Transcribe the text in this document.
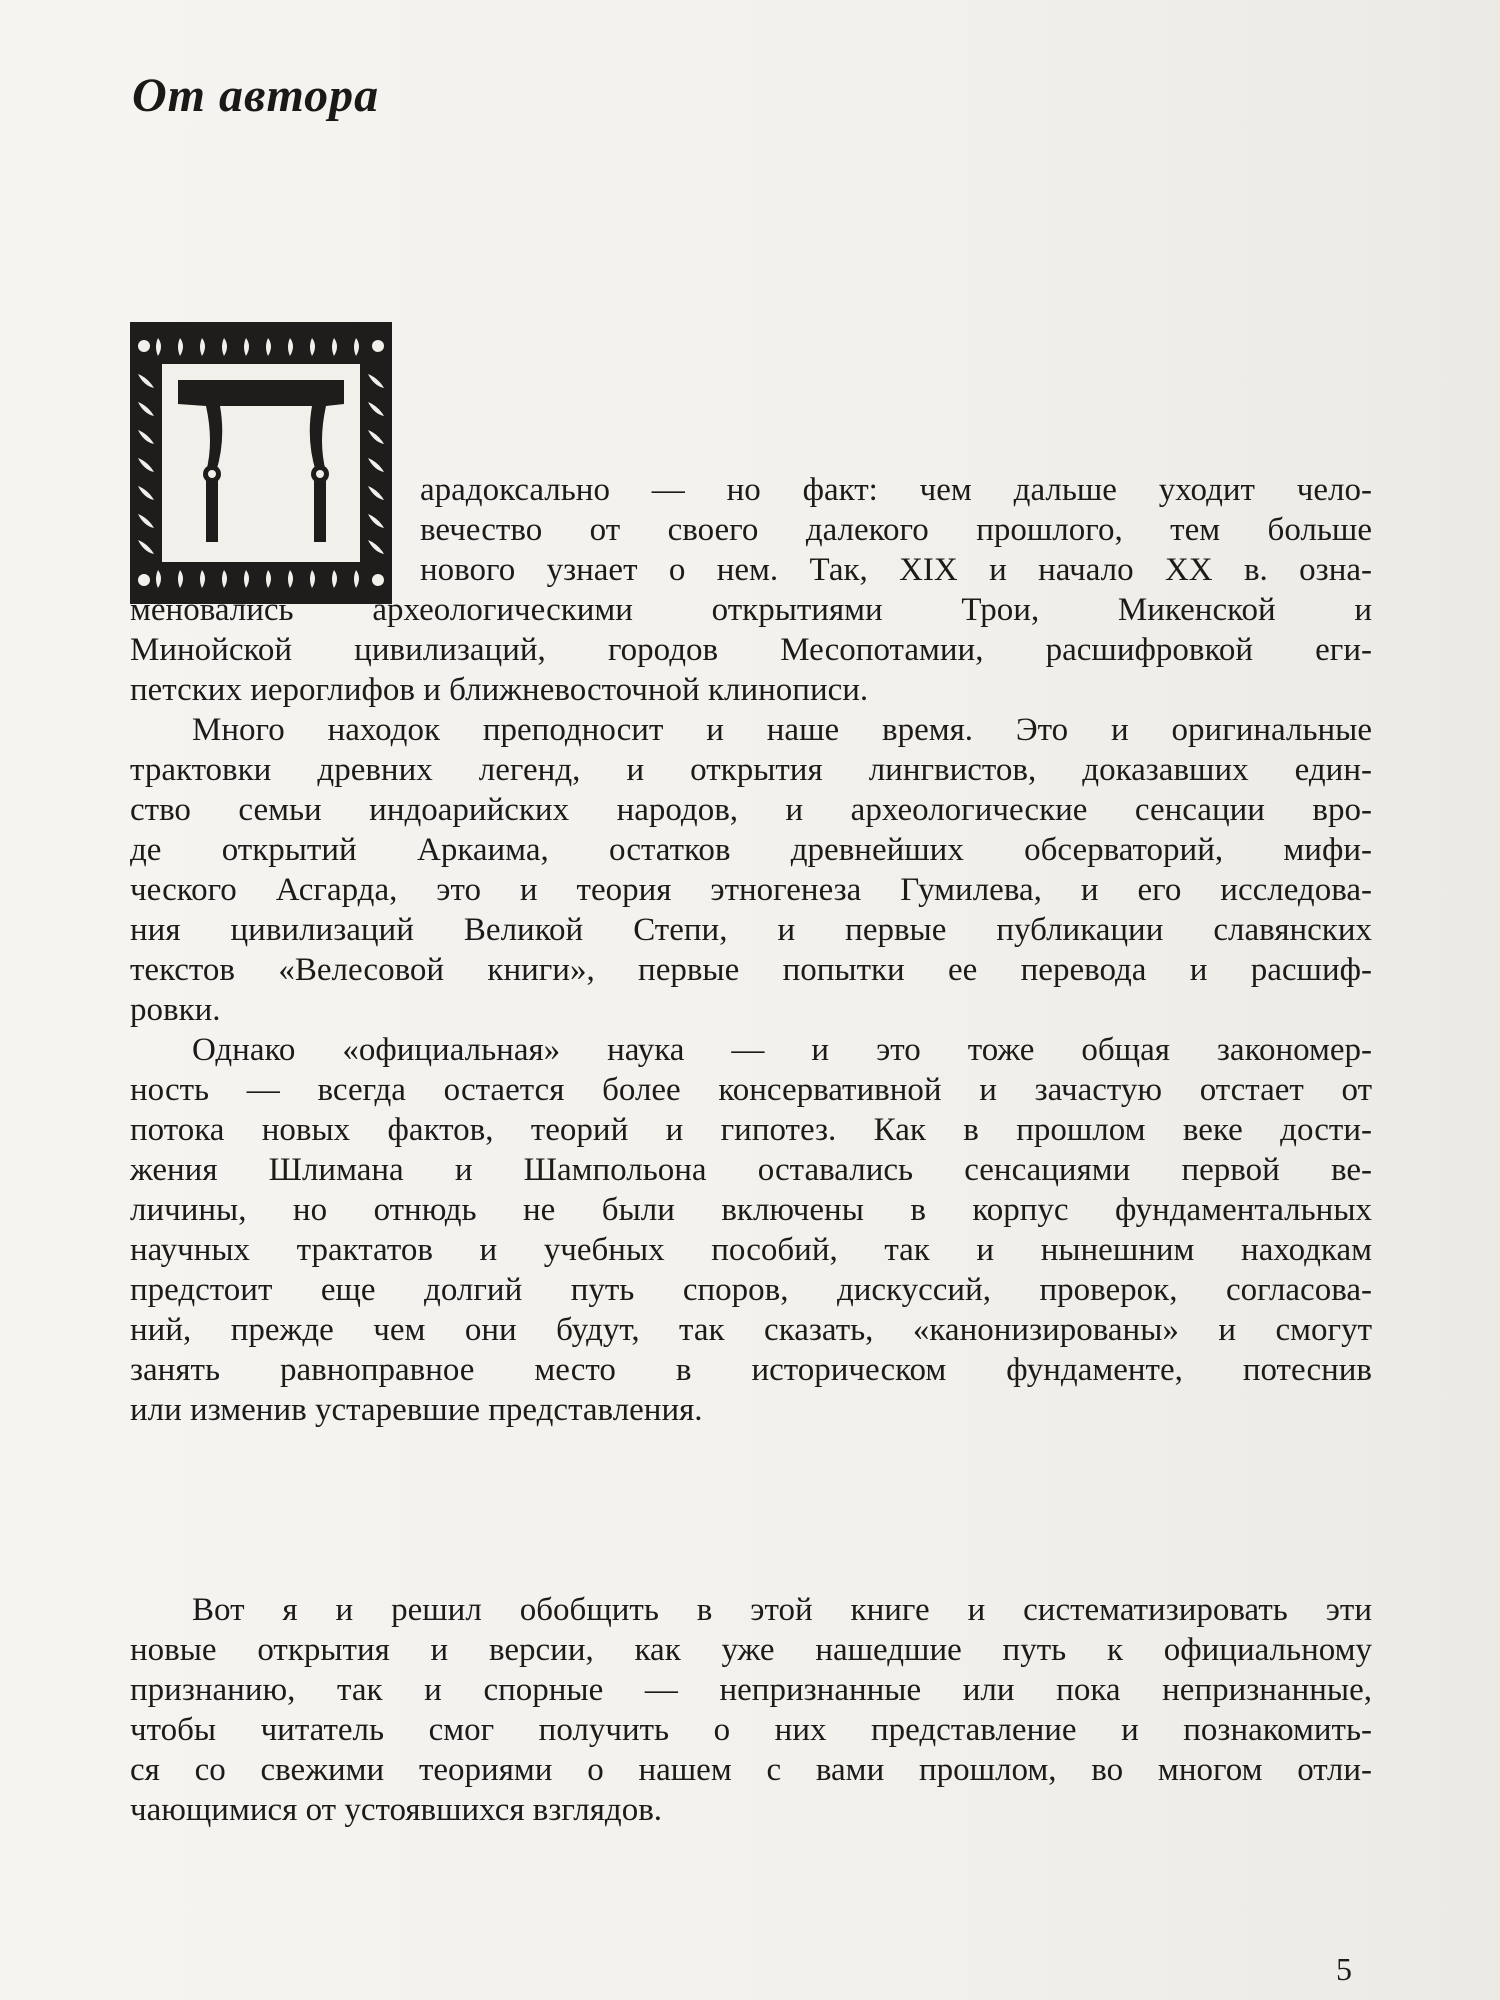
От автора
арадоксально — но факт: чем дальше уходит чело-
вечество от своего далекого прошлого, тем больше
нового узнает о нем. Так, XIX и начало XX в. озна-
меновались археологическими открытиями Трои, Микенской и
Минойской цивилизаций, городов Месопотамии, расшифровкой еги-
петских иероглифов и ближневосточной клинописи.
Много находок преподносит и наше время. Это и оригинальные
трактовки древних легенд, и открытия лингвистов, доказавших един-
ство семьи индоарийских народов, и археологические сенсации вро-
де открытий Аркаима, остатков древнейших обсерваторий, мифи-
ческого Асгарда, это и теория этногенеза Гумилева, и его исследова-
ния цивилизаций Великой Степи, и первые публикации славянских
текстов «Велесовой книги», первые попытки ее перевода и расшиф-
ровки.
Однако «официальная» наука — и это тоже общая закономер-
ность — всегда остается более консервативной и зачастую отстает от
потока новых фактов, теорий и гипотез. Как в прошлом веке дости-
жения Шлимана и Шампольона оставались сенсациями первой ве-
личины, но отнюдь не были включены в корпус фундаментальных
научных трактатов и учебных пособий, так и нынешним находкам
предстоит еще долгий путь споров, дискуссий, проверок, согласова-
ний, прежде чем они будут, так сказать, «канонизированы» и смогут
занять равноправное место в историческом фундаменте, потеснив
или изменив устаревшие представления.
Вот я и решил обобщить в этой книге и систематизировать эти
новые открытия и версии, как уже нашедшие путь к официальному
признанию, так и спорные — непризнанные или пока непризнанные,
чтобы читатель смог получить о них представление и познакомить-
ся со свежими теориями о нашем с вами прошлом, во многом отли-
чающимися от устоявшихся взглядов.
5
